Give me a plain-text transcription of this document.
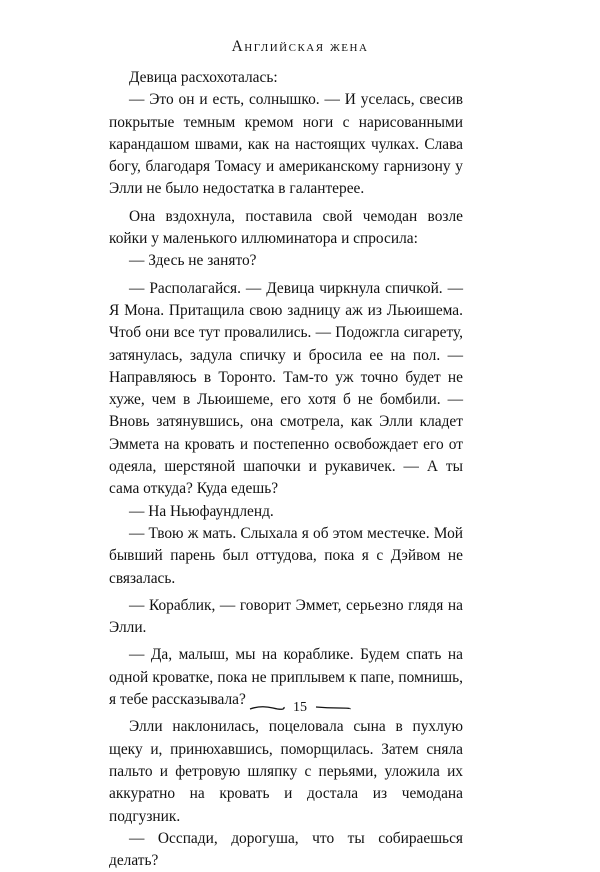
Английская жена

Девица расхохоталась:

— Это он и есть, солнышко. — И уселась, свесив покрытые темным кремом ноги с нарисованными карандашом швами, как на настоящих чулках. Слава богу, благодаря Томасу и американскому гарнизону у Элли не было недостатка в галантерее.

Она вздохнула, поставила свой чемодан возле койки у маленького иллюминатора и спросила:

— Здесь не занято?

— Располагайся. — Девица чиркнула спичкой. — Я Мона. Притащила свою задницу аж из Льюишема. Чтоб они все тут провалились. — Подожгла сигарету, затянулась, задула спичку и бросила ее на пол. — Направляюсь в Торонто. Там-то уж точно будет не хуже, чем в Льюишеме, его хотя б не бомбили. — Вновь затянувшись, она смотрела, как Элли кладет Эммета на кровать и постепенно освобождает его от одеяла, шерстяной шапочки и рукавичек. — А ты сама откуда? Куда едешь?

— На Ньюфаундленд.

— Твою ж мать. Слыхала я об этом местечке. Мой бывший парень был оттудова, пока я с Дэйвом не связалась.

— Кораблик, — говорит Эммет, серьезно глядя на Элли.

— Да, малыш, мы на кораблике. Будем спать на одной кроватке, пока не приплывем к папе, помнишь, я тебе рассказывала?

Элли наклонилась, поцеловала сына в пухлую щеку и, принюхавшись, поморщилась. Затем сняла пальто и фетровую шляпку с перьями, уложила их аккуратно на кровать и достала из чемодана подгузник.

— Осспади, дорогуша, что ты собираешься делать?

15
